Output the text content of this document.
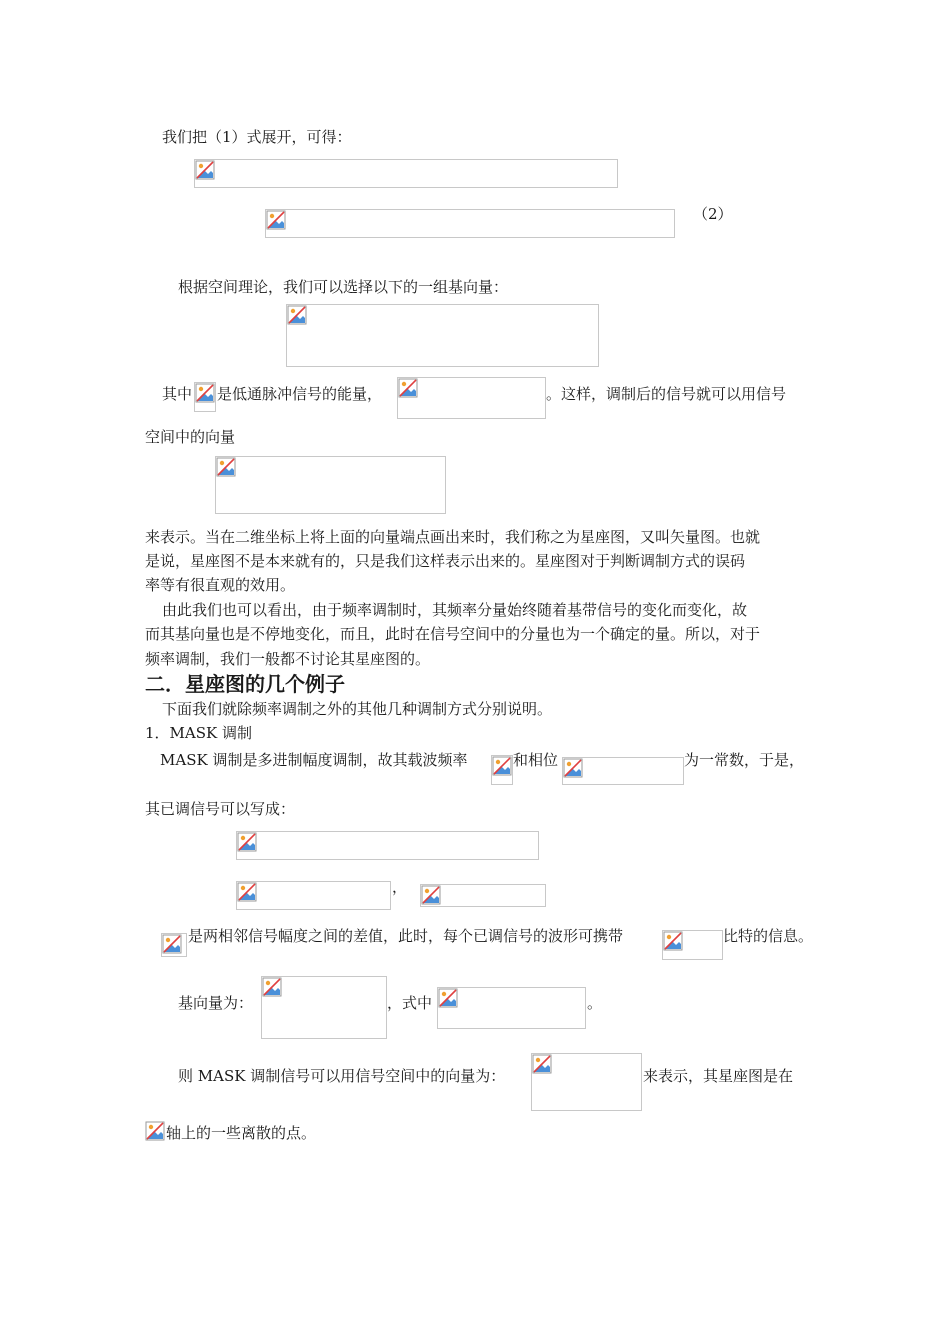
我们把（1）式展开，可得：
（2）
根据空间理论，我们可以选择以下的一组基向量：
其中 是低通脉冲信号的能量，	。这样，调制后的信号就可以用信号
空间中的向量
来表示。当在二维坐标上将上面的向量端点画出来时，我们称之为星座图，又叫矢量图。也就
是说，星座图不是本来就有的，只是我们这样表示出来的。星座图对于判断调制方式的误码
率等有很直观的效用。
由此我们也可以看出，由于频率调制时，其频率分量始终随着基带信号的变化而变化，故
而其基向量也是不停地变化，而且，此时在信号空间中的分量也为一个确定的量。所以，对于
频率调制，我们一般都不讨论其星座图的。
二．星座图的几个例子
下面我们就除频率调制之外的其他几种调制方式分别说明。
1．MASK 调制
MASK 调制是多进制幅度调制，故其载波频率	和相位	为一常数，于是，
其已调信号可以写成：
，
是两相邻信号幅度之间的差值，此时，每个已调信号的波形可携带	比特的信息。
基向量为：	，式中	。
则 MASK 调制信号可以用信号空间中的向量为：	来表示，其星座图是在
轴上的一些离散的点。
